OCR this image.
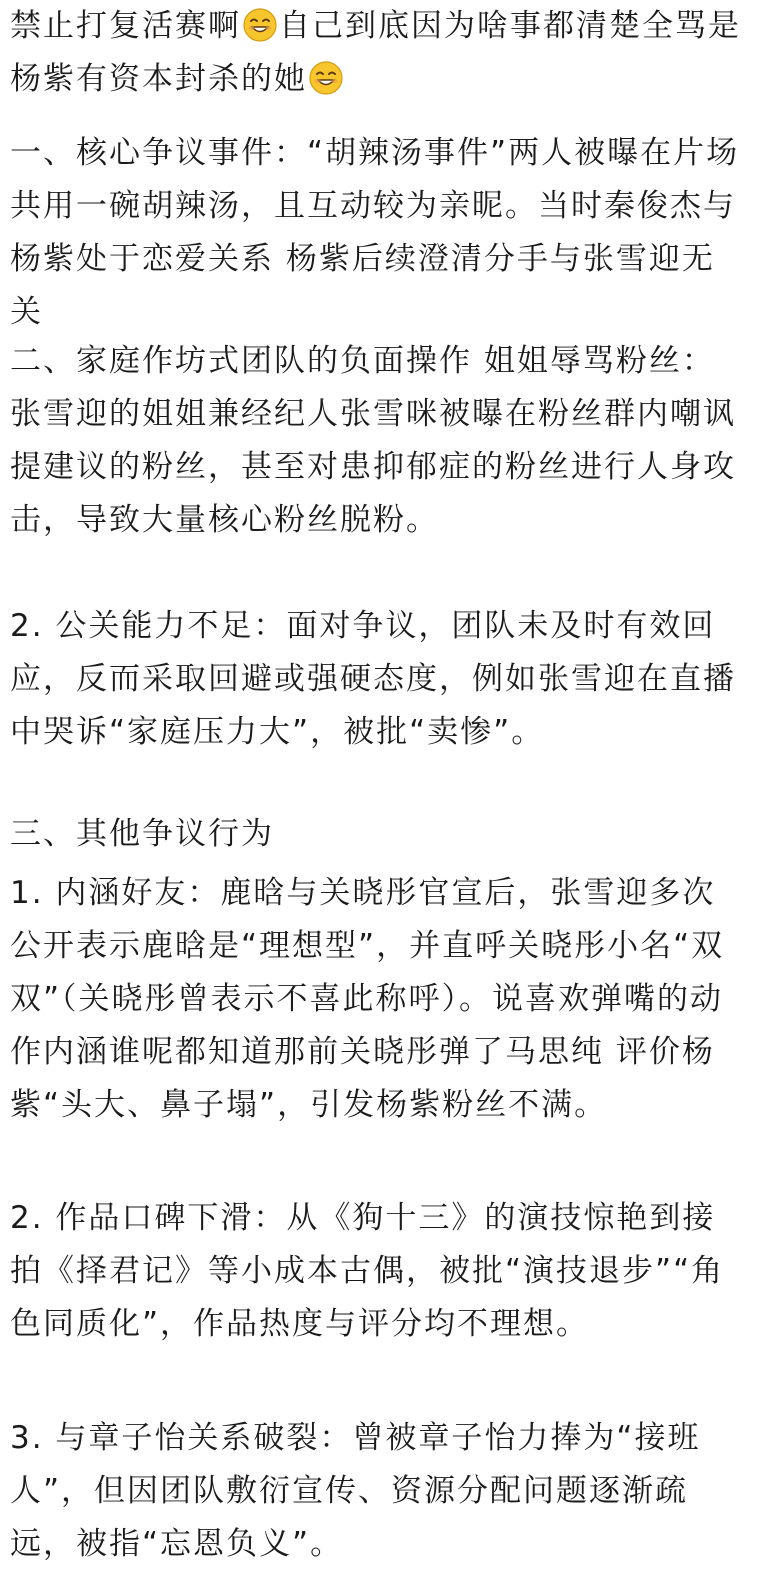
禁止打复活赛啊 自己到底因为啥事都清楚全骂是杨紫有资本封杀的她
一、核心争议事件：“胡辣汤事件”两人被曝在片场共用一碗胡辣汤，且互动较为亲昵。当时秦俊杰与杨紫处于恋爱关系 杨紫后续澄清分手与张雪迎无关
二、家庭作坊式团队的负面操作 姐姐辱骂粉丝：张雪迎的姐姐兼经纪人张雪咪被曝在粉丝群内嘲讽提建议的粉丝，甚至对患抑郁症的粉丝进行人身攻击，导致大量核心粉丝脱粉。
2. 公关能力不足：面对争议，团队未及时有效回应，反而采取回避或强硬态度，例如张雪迎在直播中哭诉“家庭压力大”，被批“卖惨”。
三、其他争议行为
1. 内涵好友：鹿晗与关晓彤官宣后，张雪迎多次公开表示鹿晗是“理想型”，并直呼关晓彤小名“双双”（关晓彤曾表示不喜此称呼）。说喜欢弹嘴的动作内涵谁呢都知道那前关晓彤弹了马思纯 评价杨紫“头大、鼻子塌”，引发杨紫粉丝不满。
2. 作品口碑下滑：从《狗十三》的演技惊艳到接拍《择君记》等小成本古偶，被批“演技退步”“角色同质化”，作品热度与评分均不理想。
3. 与章子怡关系破裂：曾被章子怡力捧为“接班人”，但因团队敷衍宣传、资源分配问题逐渐疏远，被指“忘恩负义”。
